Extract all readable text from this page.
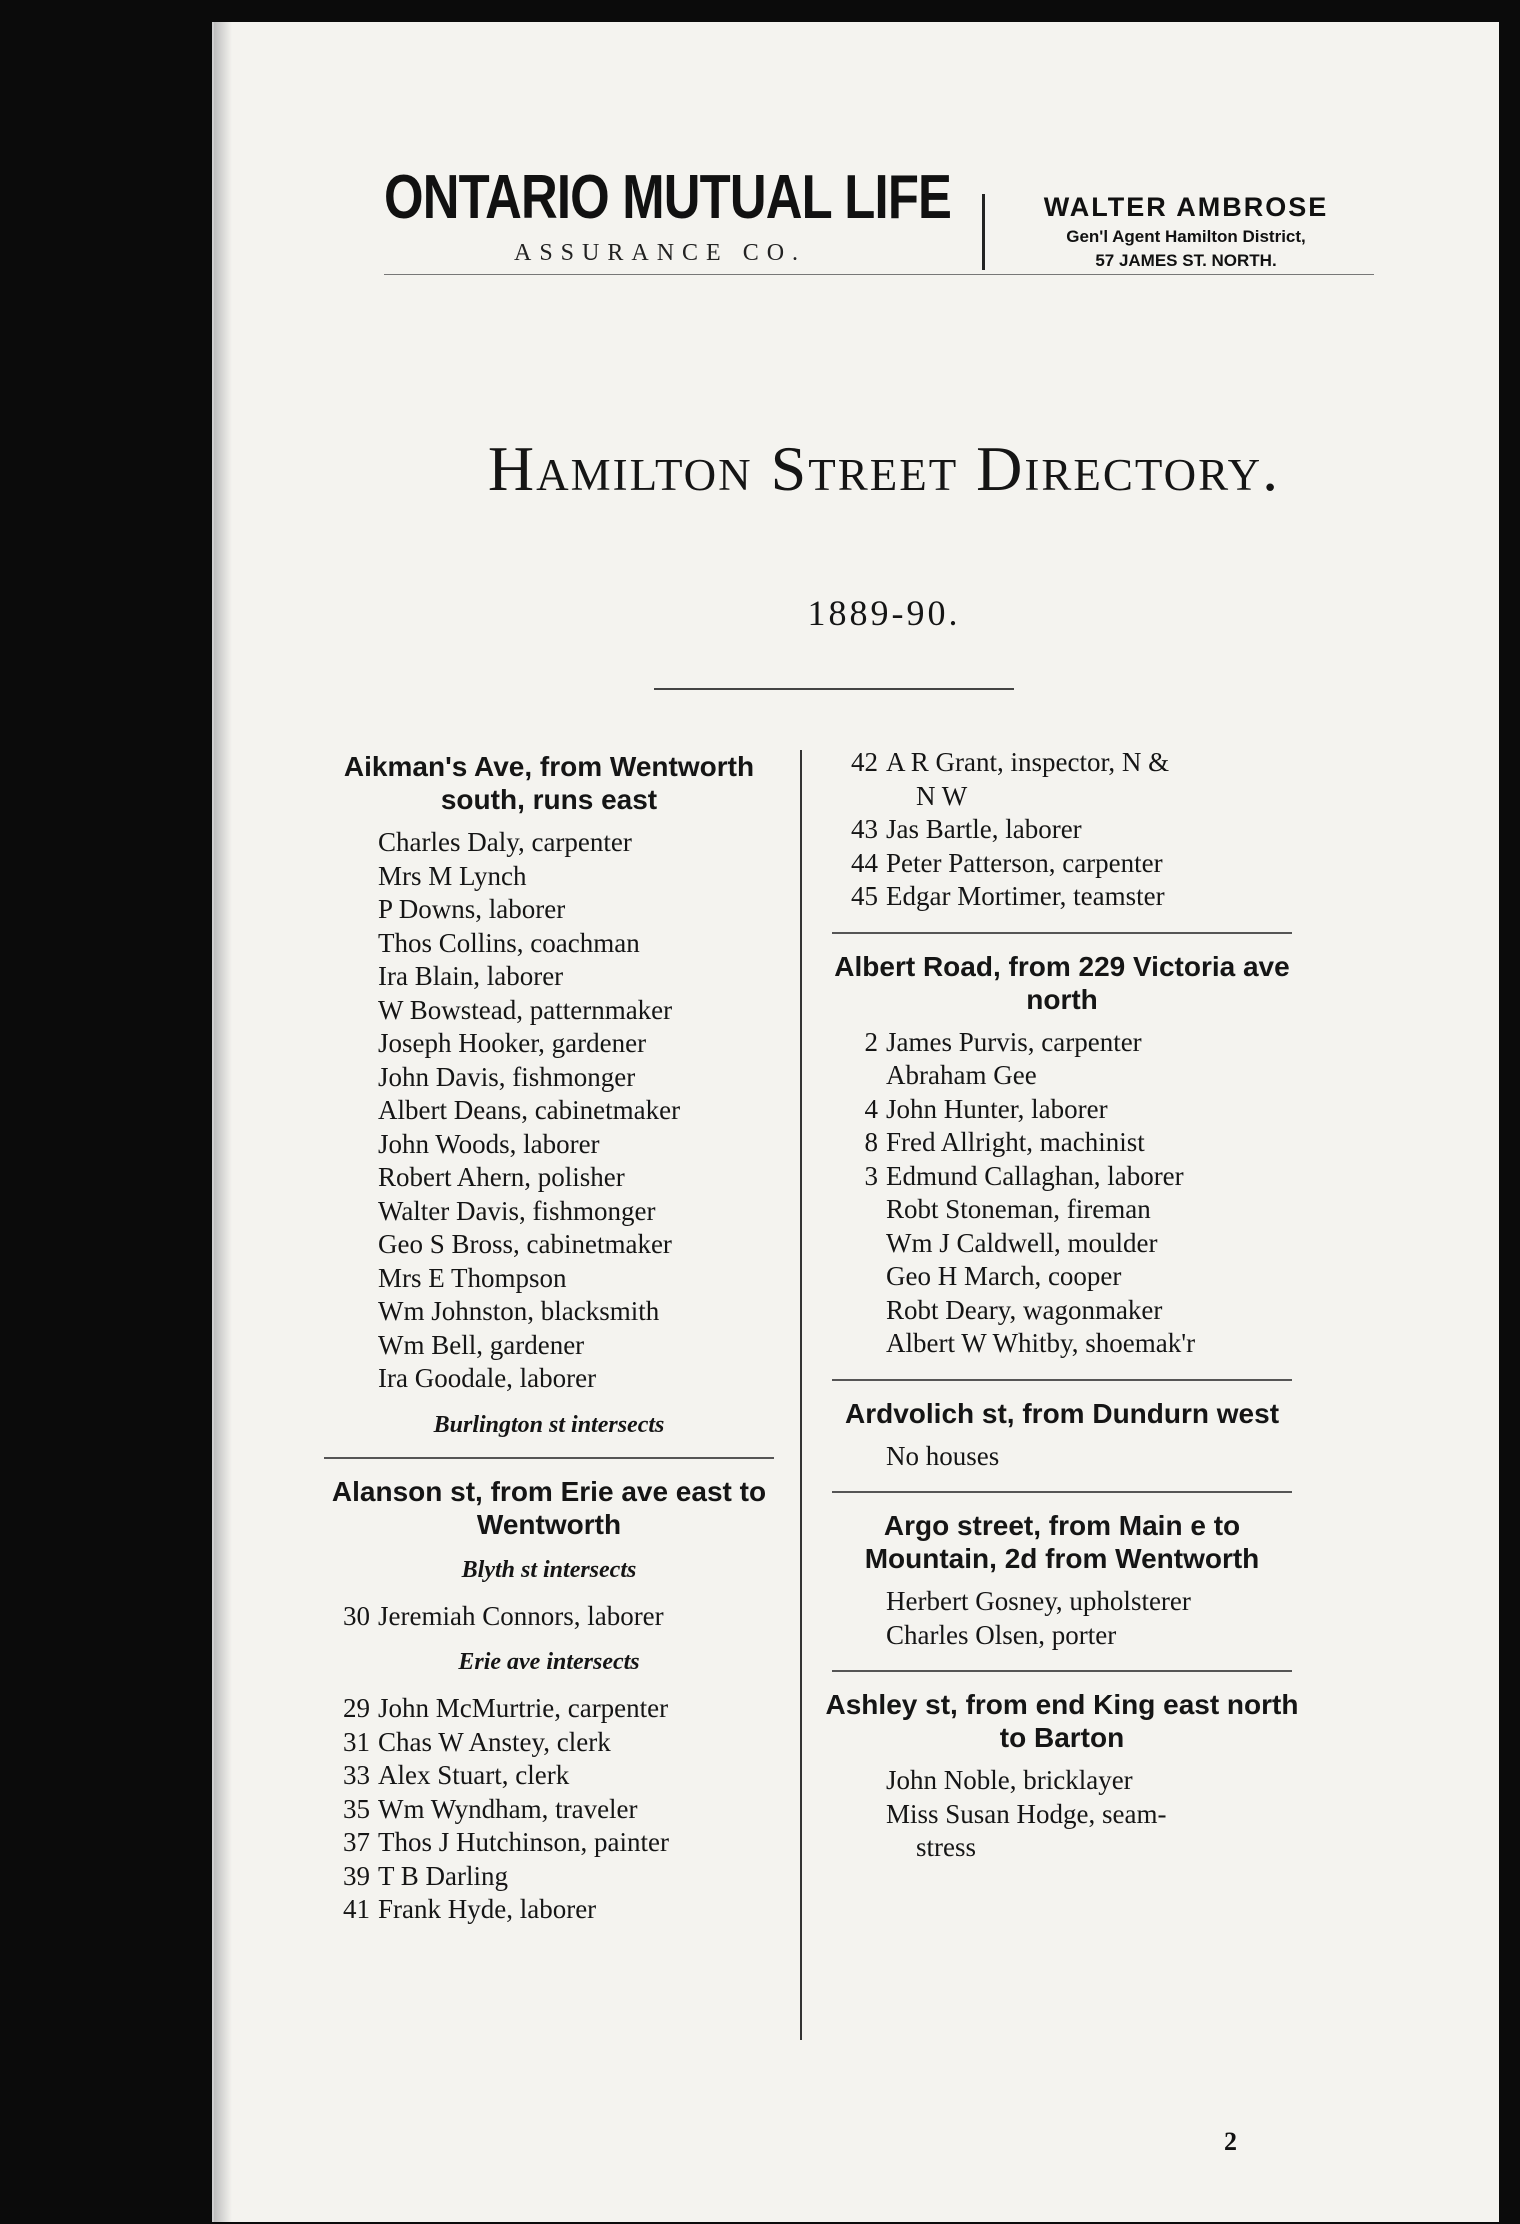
ONTARIO MUTUAL LIFE
ASSURANCE CO.
WALTER AMBROSE
Gen'l Agent Hamilton District,
57 JAMES ST. NORTH.
Hamilton Street Directory.
1889-90.
Aikman's Ave, from Wentworth south, runs east
Charles Daly, carpenter
Mrs M Lynch
P Downs, laborer
Thos Collins, coachman
Ira Blain, laborer
W Bowstead, patternmaker
Joseph Hooker, gardener
John Davis, fishmonger
Albert Deans, cabinetmaker
John Woods, laborer
Robert Ahern, polisher
Walter Davis, fishmonger
Geo S Bross, cabinetmaker
Mrs E Thompson
Wm Johnston, blacksmith
Wm Bell, gardener
Ira Goodale, laborer
Burlington st intersects
Alanson st, from Erie ave east to Wentworth
Blyth st intersects
30 Jeremiah Connors, laborer
Erie ave intersects
29 John McMurtrie, carpenter
31 Chas W Anstey, clerk
33 Alex Stuart, clerk
35 Wm Wyndham, traveler
37 Thos J Hutchinson, painter
39 T B Darling
41 Frank Hyde, laborer
42 A R Grant, inspector, N &
N W
43 Jas Bartle, laborer
44 Peter Patterson, carpenter
45 Edgar Mortimer, teamster
Albert Road, from 229 Victoria ave north
2 James Purvis, carpenter
Abraham Gee
4 John Hunter, laborer
8 Fred Allright, machinist
3 Edmund Callaghan, laborer
Robt Stoneman, fireman
Wm J Caldwell, moulder
Geo H March, cooper
Robt Deary, wagonmaker
Albert W Whitby, shoemak'r
Ardvolich st, from Dundurn west
No houses
Argo street, from Main e to Mountain, 2d from Wentworth
Herbert Gosney, upholsterer
Charles Olsen, porter
Ashley st, from end King east north to Barton
John Noble, bricklayer
Miss Susan Hodge, seam-
stress
2
